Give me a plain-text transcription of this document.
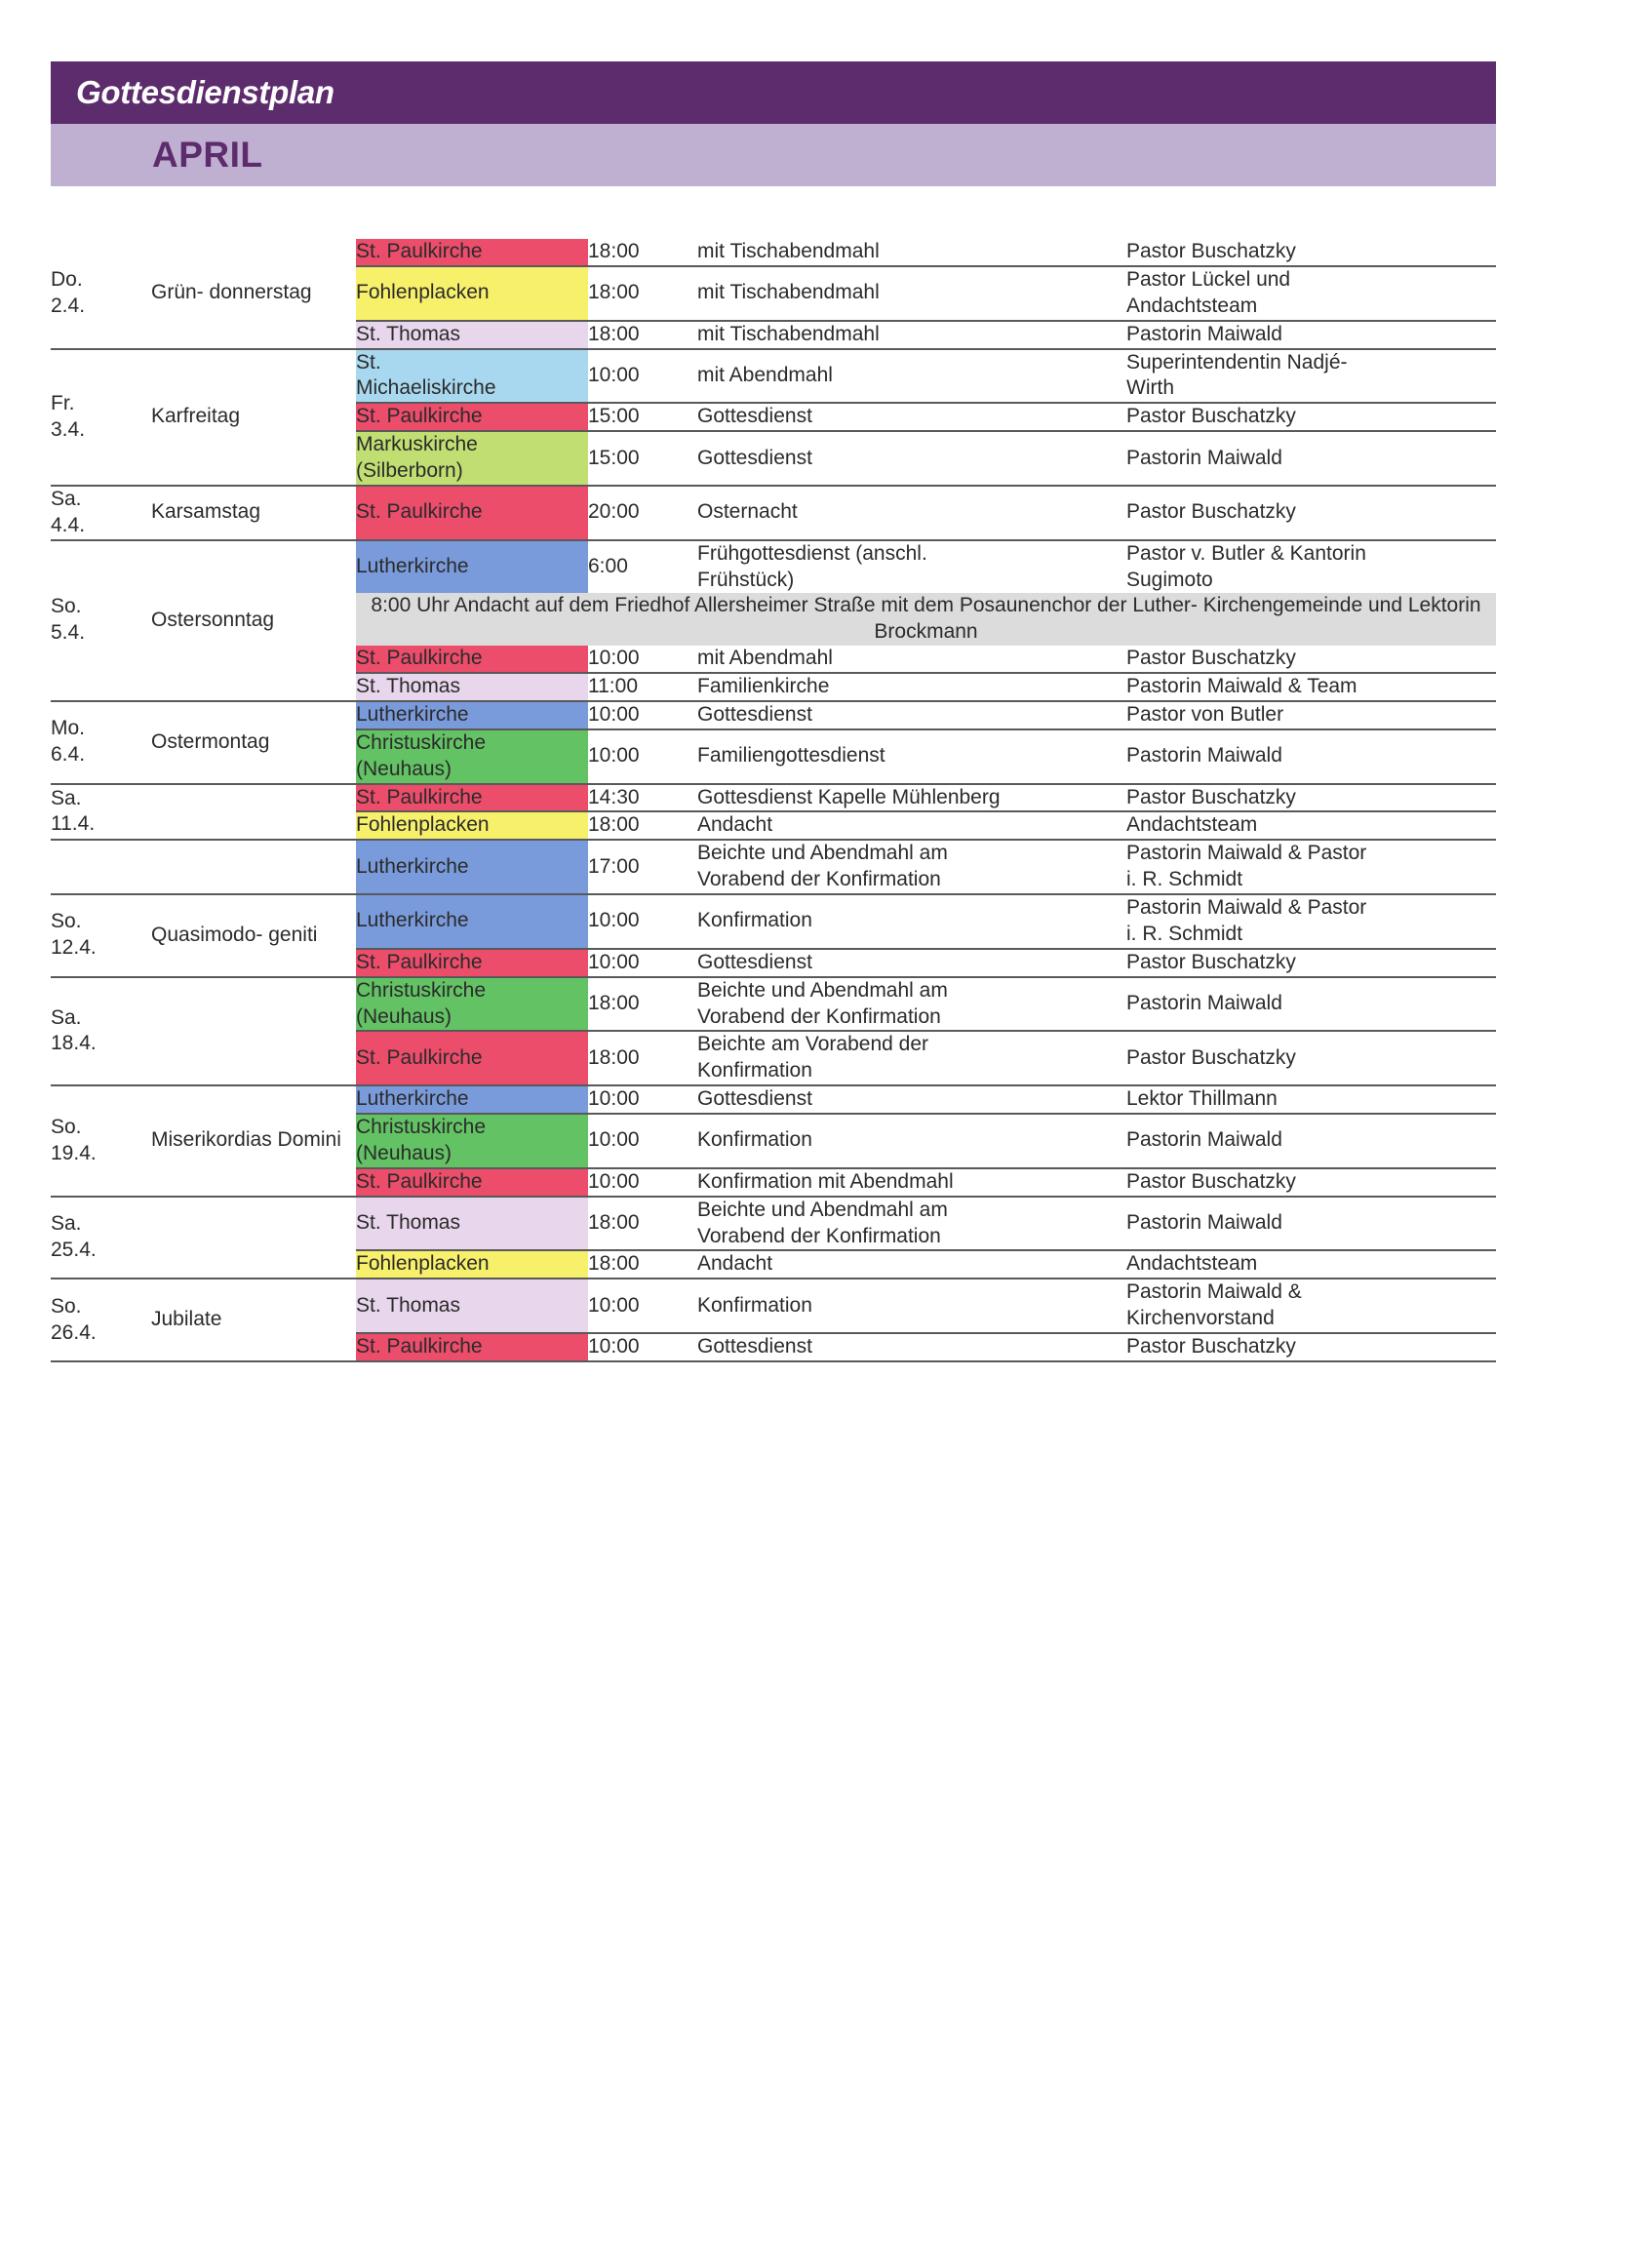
Gottesdienstplan
APRIL
Do.
2.4.	Grün- donnerstag	St. Paulkirche	18:00	mit Tischabendmahl	Pastor Buschatzky

		Fohlenplacken	18:00	mit Tischabendmahl	Pastor Lückel und
Andachtsteam

		St. Thomas	18:00	mit Tischabendmahl	Pastorin Maiwald

Fr.
3.4.	Karfreitag	St.
Michaeliskirche	10:00	mit Abendmahl	Superintendentin Nadjé-
Wirth

		St. Paulkirche	15:00	Gottesdienst	Pastor Buschatzky

		Markuskirche
(Silberborn)	15:00	Gottesdienst	Pastorin Maiwald

Sa.
4.4.	Karsamstag	St. Paulkirche	20:00	Osternacht	Pastor Buschatzky

So.
5.4.	Ostersonntag	Lutherkirche	6:00	Frühgottesdienst (anschl.
Frühstück)	Pastor v. Butler & Kantorin
Sugimoto
		8:00 Uhr Andacht auf dem Friedhof Allersheimer Straße mit dem Posaunenchor der Luther- Kirchengemeinde und Lektorin Brockmann			

		St. Paulkirche	10:00	mit Abendmahl	Pastor Buschatzky

		St. Thomas	11:00	Familienkirche	Pastorin Maiwald & Team

Mo.
6.4.	Ostermontag	Lutherkirche	10:00	Gottesdienst	Pastor von Butler

		Christuskirche
(Neuhaus)	10:00	Familiengottesdienst	Pastorin Maiwald

Sa.
11.4.		St. Paulkirche	14:30	Gottesdienst Kapelle Mühlenberg	Pastor Buschatzky

		Fohlenplacken	18:00	Andacht	Andachtsteam

		Lutherkirche	17:00	Beichte und Abendmahl am
Vorabend der Konfirmation	Pastorin Maiwald & Pastor
i. R. Schmidt

So.
12.4.	Quasimodo- geniti	Lutherkirche	10:00	Konfirmation	Pastorin Maiwald & Pastor
i. R. Schmidt

		St. Paulkirche	10:00	Gottesdienst	Pastor Buschatzky

Sa.
18.4.		Christuskirche
(Neuhaus)	18:00	Beichte und Abendmahl am
Vorabend der Konfirmation	Pastorin Maiwald

		St. Paulkirche	18:00	Beichte am Vorabend der
Konfirmation	Pastor Buschatzky

So.
19.4.	Miserikordias Domini	Lutherkirche	10:00	Gottesdienst	Lektor Thillmann

		Christuskirche
(Neuhaus)	10:00	Konfirmation	Pastorin Maiwald

		St. Paulkirche	10:00	Konfirmation mit Abendmahl	Pastor Buschatzky

Sa.
25.4.		St. Thomas	18:00	Beichte und Abendmahl am
Vorabend der Konfirmation	Pastorin Maiwald

		Fohlenplacken	18:00	Andacht	Andachtsteam

So.
26.4.	Jubilate	St. Thomas	10:00	Konfirmation	Pastorin Maiwald &
Kirchenvorstand

		St. Paulkirche	10:00	Gottesdienst	Pastor Buschatzky
